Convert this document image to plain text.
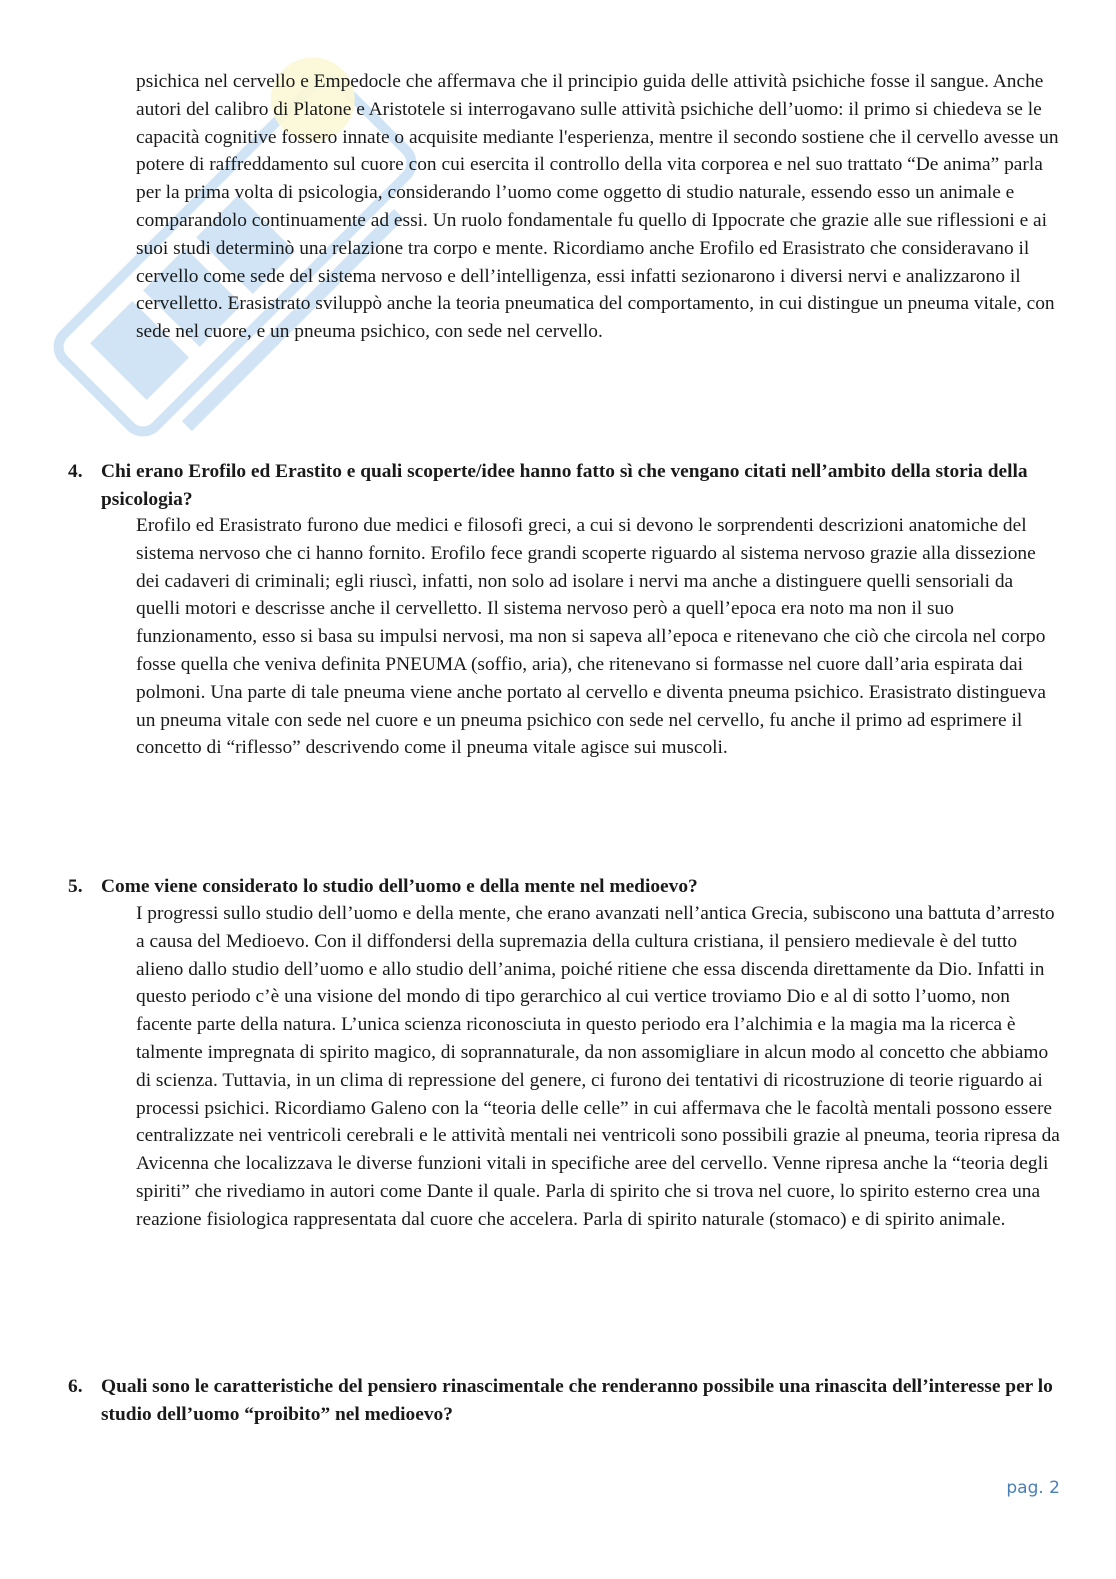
psichica nel cervello e Empedocle che affermava che il principio guida delle attività psichiche fosse il sangue. Anche autori del calibro di Platone e Aristotele si interrogavano sulle attività psichiche dell’uomo: il primo si chiedeva se le capacità cognitive fossero innate o acquisite mediante l'esperienza, mentre il secondo sostiene che il cervello avesse un potere di raffreddamento sul cuore con cui esercita il controllo della vita corporea e nel suo trattato “De anima” parla per la prima volta di psicologia, considerando l’uomo come oggetto di studio naturale, essendo esso un animale e comparandolo continuamente ad essi. Un ruolo fondamentale fu quello di Ippocrate che grazie alle sue riflessioni e ai suoi studi determinò una relazione tra corpo e mente. Ricordiamo anche Erofilo ed Erasistrato che consideravano il cervello come sede del sistema nervoso e dell’intelligenza, essi infatti sezionarono i diversi nervi e analizzarono il cervelletto. Erasistrato sviluppò anche la teoria pneumatica del comportamento, in cui distingue un pneuma vitale, con sede nel cuore, e un pneuma psichico, con sede nel cervello.

4. Chi erano Erofilo ed Erastito e quali scoperte/idee hanno fatto sì che vengano citati nell’ambito della storia della psicologia?

Erofilo ed Erasistrato furono due medici e filosofi greci, a cui si devono le sorprendenti descrizioni anatomiche del sistema nervoso che ci hanno fornito. Erofilo fece grandi scoperte riguardo al sistema nervoso grazie alla dissezione dei cadaveri di criminali; egli riuscì, infatti, non solo ad isolare i nervi ma anche a distinguere quelli sensoriali da quelli motori e descrisse anche il cervelletto. Il sistema nervoso però a quell’epoca era noto ma non il suo funzionamento, esso si basa su impulsi nervosi, ma non si sapeva all’epoca e ritenevano che ciò che circola nel corpo fosse quella che veniva definita PNEUMA (soffio, aria), che ritenevano si formasse nel cuore dall’aria espirata dai polmoni. Una parte di tale pneuma viene anche portato al cervello e diventa pneuma psichico. Erasistrato distingueva un pneuma vitale con sede nel cuore e un pneuma psichico con sede nel cervello, fu anche il primo ad esprimere il concetto di “riflesso” descrivendo come il pneuma vitale agisce sui muscoli.

5. Come viene considerato lo studio dell’uomo e della mente nel medioevo?

I progressi sullo studio dell’uomo e della mente, che erano avanzati nell’antica Grecia, subiscono una battuta d’arresto a causa del Medioevo. Con il diffondersi della supremazia della cultura cristiana, il pensiero medievale è del tutto alieno dallo studio dell’uomo e allo studio dell’anima, poiché ritiene che essa discenda direttamente da Dio. Infatti in questo periodo c’è una visione del mondo di tipo gerarchico al cui vertice troviamo Dio e al di sotto l’uomo, non facente parte della natura. L’unica scienza riconosciuta in questo periodo era l’alchimia e la magia ma la ricerca è talmente impregnata di spirito magico, di soprannaturale, da non assomigliare in alcun modo al concetto che abbiamo di scienza. Tuttavia, in un clima di repressione del genere, ci furono dei tentativi di ricostruzione di teorie riguardo ai processi psichici. Ricordiamo Galeno con la “teoria delle celle” in cui affermava che le facoltà mentali possono essere centralizzate nei ventricoli cerebrali e le attività mentali nei ventricoli sono possibili grazie al pneuma, teoria ripresa da Avicenna che localizzava le diverse funzioni vitali in specifiche aree del cervello. Venne ripresa anche la “teoria degli spiriti” che rivediamo in autori come Dante il quale. Parla di spirito che si trova nel cuore, lo spirito esterno crea una reazione fisiologica rappresentata dal cuore che accelera. Parla di spirito naturale (stomaco) e di spirito animale.

6. Quali sono le caratteristiche del pensiero rinascimentale che renderanno possibile una rinascita dell’interesse per lo studio dell’uomo “proibito” nel medioevo?
pag. 2
